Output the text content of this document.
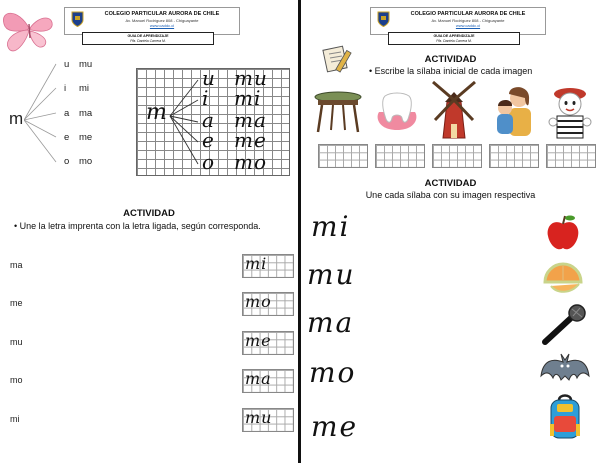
COLEGIO PARTICULAR AURORA DE CHILE
Av. Manuel Rodríguez 808 - Chiguayante
www.caddc.cl
GUIA DE APRENDIZAJE
Pfa. Daniela Carrera M.
m
u
i
a
e
o
mu
mi
ma
me
mo
m
u
i
a
e
o
mu
mi
ma
me
mo
ACTIVIDAD
• Une la letra imprenta con la letra ligada, según corresponda.
ma
me
mu
mo
mi
mi
mo
me
ma
mu
COLEGIO PARTICULAR AURORA DE CHILE
Av. Manuel Rodríguez 808 - Chiguayante
www.caddc.cl
GUIA DE APRENDIZAJE
Pfa. Daniela Carrera M.
ACTIVIDAD
• Escribe la sílaba inicial de cada imagen
ACTIVIDAD
Une cada sílaba con su imagen respectiva
mi
mu
ma
mo
me
